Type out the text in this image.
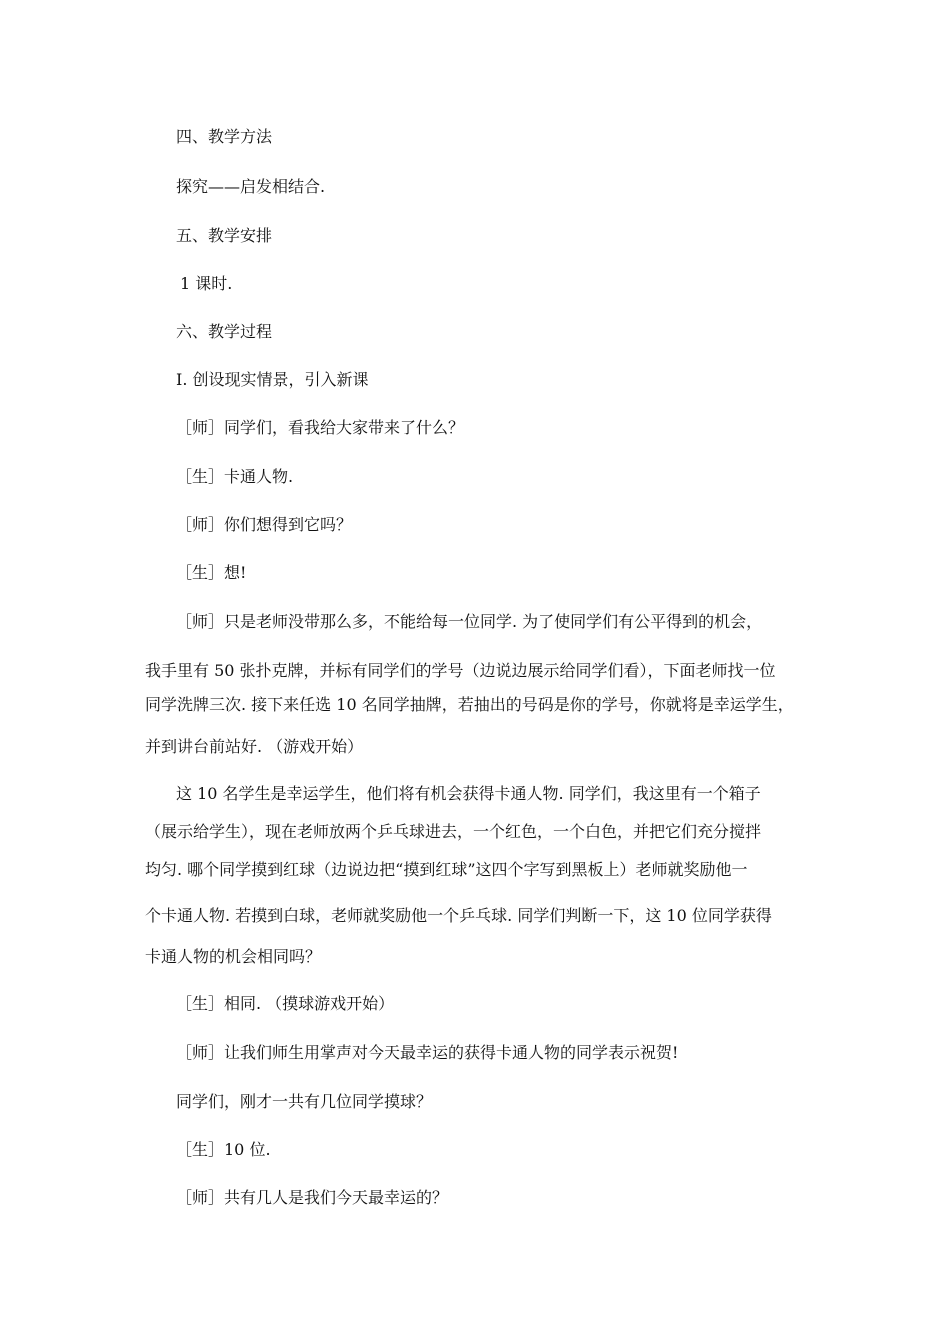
四、教学方法

探究——启发相结合.

五、教学安排

1 课时.

六、教学过程

Ⅰ. 创设现实情景，引入新课

［师］同学们，看我给大家带来了什么？

［生］卡通人物.

［师］你们想得到它吗？

［生］想!

［师］只是老师没带那么多，不能给每一位同学. 为了使同学们有公平得到的机会，

我手里有 50 张扑克牌，并标有同学们的学号（边说边展示给同学们看），下面老师找一位

同学洗牌三次. 接下来任选 10 名同学抽牌，若抽出的号码是你的学号，你就将是幸运学生，

并到讲台前站好. （游戏开始）

这 10 名学生是幸运学生，他们将有机会获得卡通人物. 同学们，我这里有一个箱子

（展示给学生），现在老师放两个乒乓球进去，一个红色，一个白色，并把它们充分搅拌

均匀. 哪个同学摸到红球（边说边把“摸到红球”这四个字写到黑板上）老师就奖励他一

个卡通人物. 若摸到白球，老师就奖励他一个乒乓球. 同学们判断一下，这 10 位同学获得

卡通人物的机会相同吗？

［生］相同. （摸球游戏开始）

［师］让我们师生用掌声对今天最幸运的获得卡通人物的同学表示祝贺!

同学们，刚才一共有几位同学摸球？

［生］10 位.

［师］共有几人是我们今天最幸运的？
